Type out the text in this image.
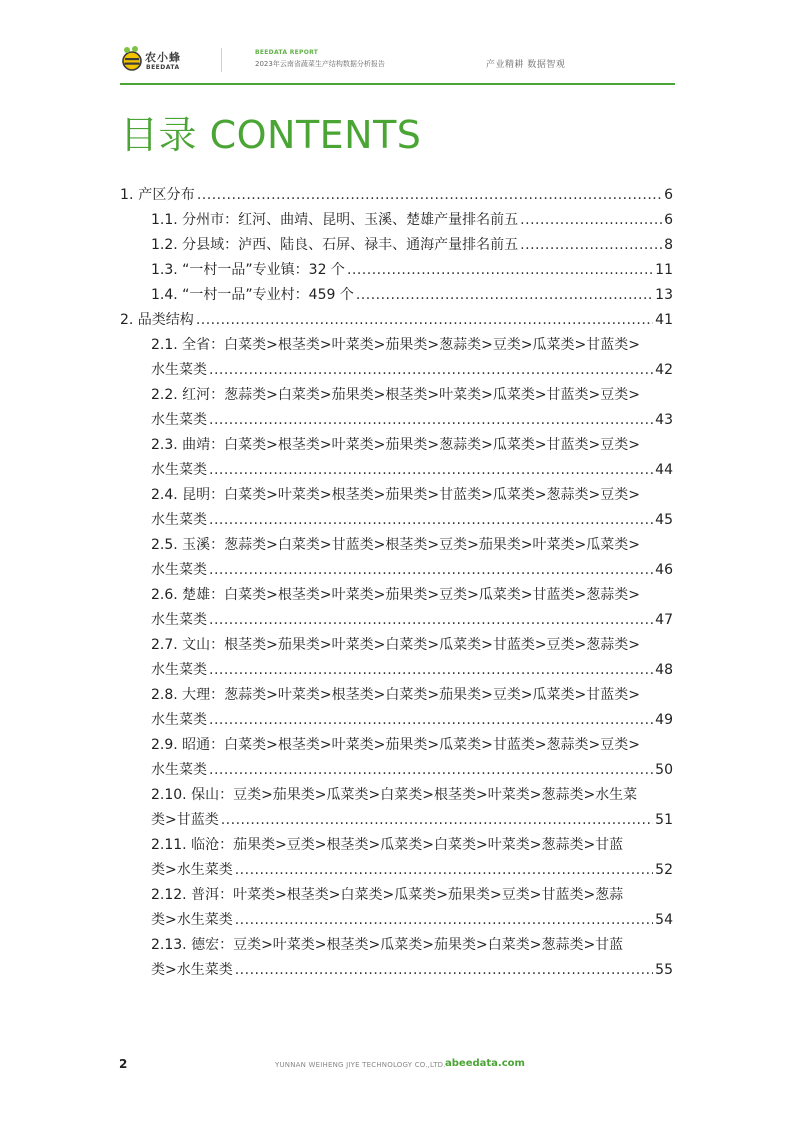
农小蜂
BEEDATA
BEEDATA REPORT
2023年云南省蔬菜生产结构数据分析报告	产业精耕 数据智观
目录 CONTENTS
1. 产区分布 .....	6
1.1. 分州市：红河、曲靖、昆明、玉溪、楚雄产量排名前五 .....	6
1.2. 分县域：泸西、陆良、石屏、禄丰、通海产量排名前五 .....	8
1.3. “一村一品”专业镇：32 个 .....	11
1.4. “一村一品”专业村：459 个 .....	13
2. 品类结构 .....	41
2.1. 全省：白菜类>根茎类>叶菜类>茄果类>葱蒜类>豆类>瓜菜类>甘蓝类>
水生菜类 .....	42
2.2. 红河：葱蒜类>白菜类>茄果类>根茎类>叶菜类>瓜菜类>甘蓝类>豆类>
水生菜类 .....	43
2.3. 曲靖：白菜类>根茎类>叶菜类>茄果类>葱蒜类>瓜菜类>甘蓝类>豆类>
水生菜类 .....	44
2.4. 昆明：白菜类>叶菜类>根茎类>茄果类>甘蓝类>瓜菜类>葱蒜类>豆类>
水生菜类 .....	45
2.5. 玉溪：葱蒜类>白菜类>甘蓝类>根茎类>豆类>茄果类>叶菜类>瓜菜类>
水生菜类 .....	46
2.6. 楚雄：白菜类>根茎类>叶菜类>茄果类>豆类>瓜菜类>甘蓝类>葱蒜类>
水生菜类 .....	47
2.7. 文山：根茎类>茄果类>叶菜类>白菜类>瓜菜类>甘蓝类>豆类>葱蒜类>
水生菜类 .....	48
2.8. 大理：葱蒜类>叶菜类>根茎类>白菜类>茄果类>豆类>瓜菜类>甘蓝类>
水生菜类 .....	49
2.9. 昭通：白菜类>根茎类>叶菜类>茄果类>瓜菜类>甘蓝类>葱蒜类>豆类>
水生菜类 .....	50
2.10. 保山：豆类>茄果类>瓜菜类>白菜类>根茎类>叶菜类>葱蒜类>水生菜
类>甘蓝类 .....	51
2.11. 临沧：茄果类>豆类>根茎类>瓜菜类>白菜类>叶菜类>葱蒜类>甘蓝
类>水生菜类 .....	52
2.12. 普洱：叶菜类>根茎类>白菜类>瓜菜类>茄果类>豆类>甘蓝类>葱蒜
类>水生菜类 .....	54
2.13. 德宏：豆类>叶菜类>根茎类>瓜菜类>茄果类>白菜类>葱蒜类>甘蓝
类>水生菜类 .....	55
2	YUNNAN WEIHENG JIYE TECHNOLOGY CO.,LTD. abeedata.com
